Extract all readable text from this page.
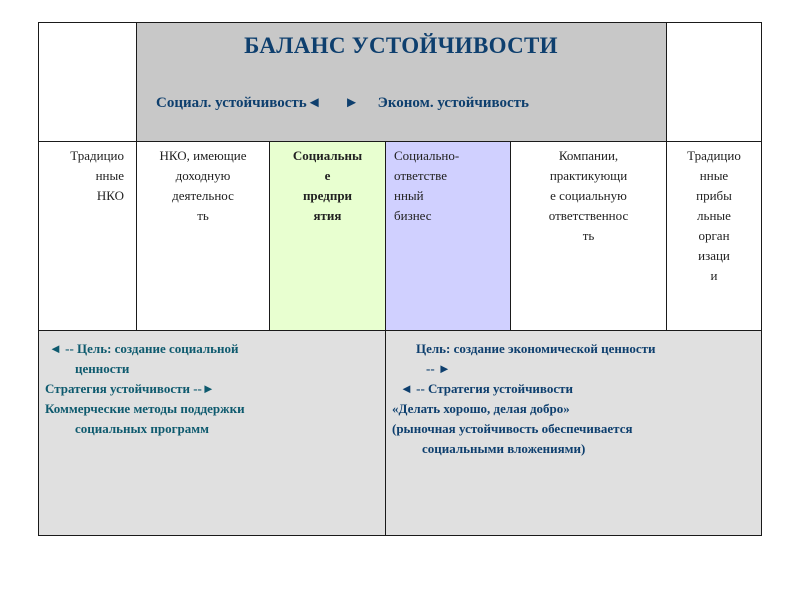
БАЛАНС УСТОЙЧИВОСТИ
Социал. устойчивость◄      ►     Эконом. устойчивость
Традицио
нные
НКО
НКО, имеющие
доходную
деятельнос
ть
Социальны
е
предпри
ятия
Социально-
ответстве
нный
бизнес
Компании,
практикующи
е социальную
ответственнос
ть
Традицио
нные
прибы
льные
орган
изаци
и
◄ -- Цель: создание социальной
ценности
Стратегия устойчивости --►
Коммерческие методы поддержки
социальных программ
Цель: создание экономической ценности
-- ►
◄ -- Стратегия устойчивости
«Делать хорошо, делая добро»
(рыночная устойчивость обеспечивается
социальными вложениями)
